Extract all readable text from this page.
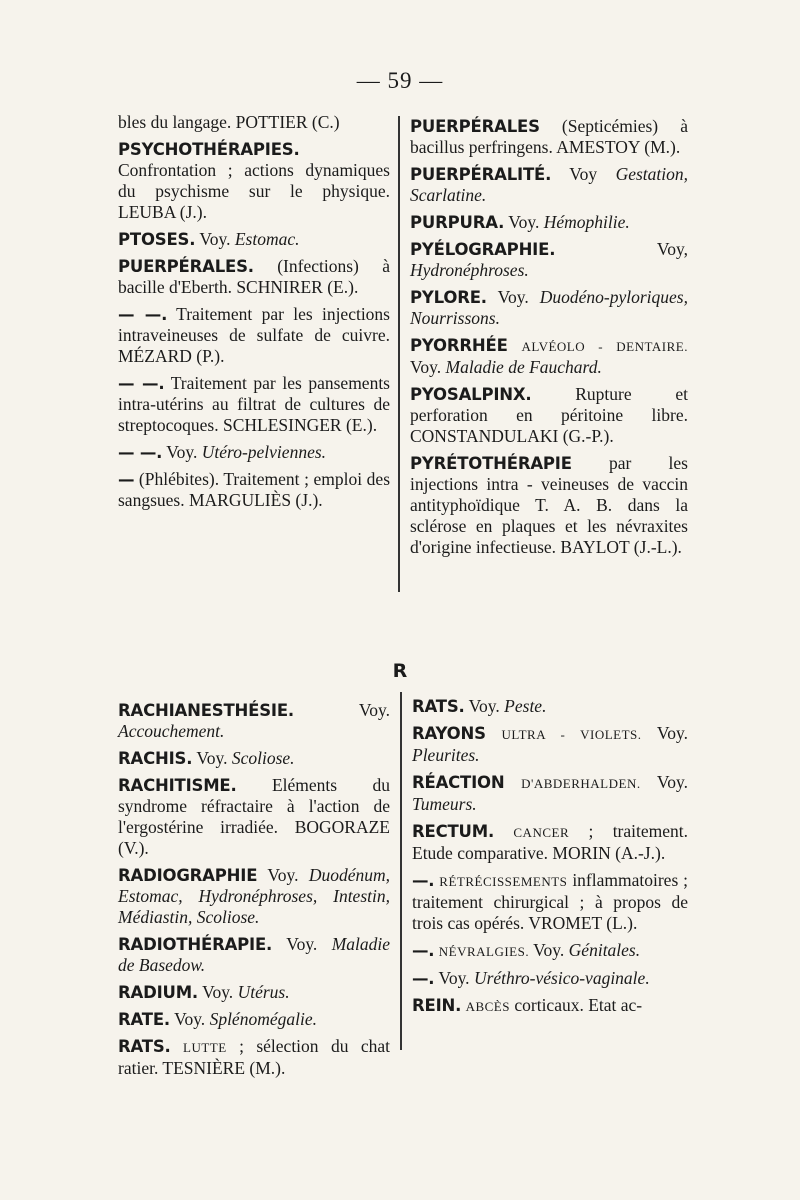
— 59 —
bles du langage. POTTIER (C.)
PSYCHOTHÉRAPIES. Confrontation ; actions dynamiques du psychisme sur le physique. LEUBA (J.).
PTOSES. Voy. Estomac.
PUERPÉRALES. (Infections) à bacille d'Eberth. SCHNIRER (E.).
— —. Traitement par les injections intraveineuses de sulfate de cuivre. MÉZARD (P.).
— —. Traitement par les pansements intra-utérins au filtrat de cultures de streptocoques. SCHLESINGER (E.).
— —. Voy. Utéro-pelviennes.
— (Phlébites). Traitement ; emploi des sangsues. MARGULIÈS (J.).
PUERPÉRALES (Septicémies) à bacillus perfringens. AMESTOY (M.).
PUERPÉRALITÉ. Voy Gestation, Scarlatine.
PURPURA. Voy. Hémophilie.
PYÉLOGRAPHIE.	Voy, Hydronéphroses.
PYLORE. Voy. Duodéno-pyloriques, Nourrissons.
PYORRHÉE ALVÉOLO - DENTAIRE. Voy. Maladie de Fauchard.
PYOSALPINX.	Rupture et perforation en péritoine libre. CONSTANDULAKI (G.-P.).
PYRÉTOTHÉRAPIE par les injections intra - veineuses de vaccin antityphoïdique T. A. B. dans la sclérose en plaques et les névraxites d'origine infectieuse. BAYLOT (J.-L.).
R
RACHIANESTHÉSIE.	Voy. Accouchement.
RACHIS. Voy. Scoliose.
RACHITISME. Eléments du syndrome réfractaire à l'action de l'ergostérine irradiée. BOGORAZE (V.).
RADIOGRAPHIE Voy. Duodénum, Estomac, Hydronéphroses, Intestin, Médiastin, Scoliose.
RADIOTHÉRAPIE. Voy. Maladie de Basedow.
RADIUM. Voy. Utérus.
RATE. Voy. Splénomégalie.
RATS. LUTTE ; sélection du chat ratier. TESNIÈRE (M.).
RATS. Voy. Peste.
RAYONS ULTRA - VIOLETS. Voy. Pleurites.
RÉACTION D'ABDERHALDEN. Voy. Tumeurs.
RECTUM. CANCER ; traitement. Etude comparative. MORIN (A.-J.).
—. RÉTRÉCISSEMENTS inflammatoires ; traitement chirurgical ; à propos de trois cas opérés. VROMET (L.).
—. NÉVRALGIES. Voy. Génitales.
—. Voy. Uréthro-vésico-vaginale.
REIN. ABCÈS corticaux. Etat ac-
